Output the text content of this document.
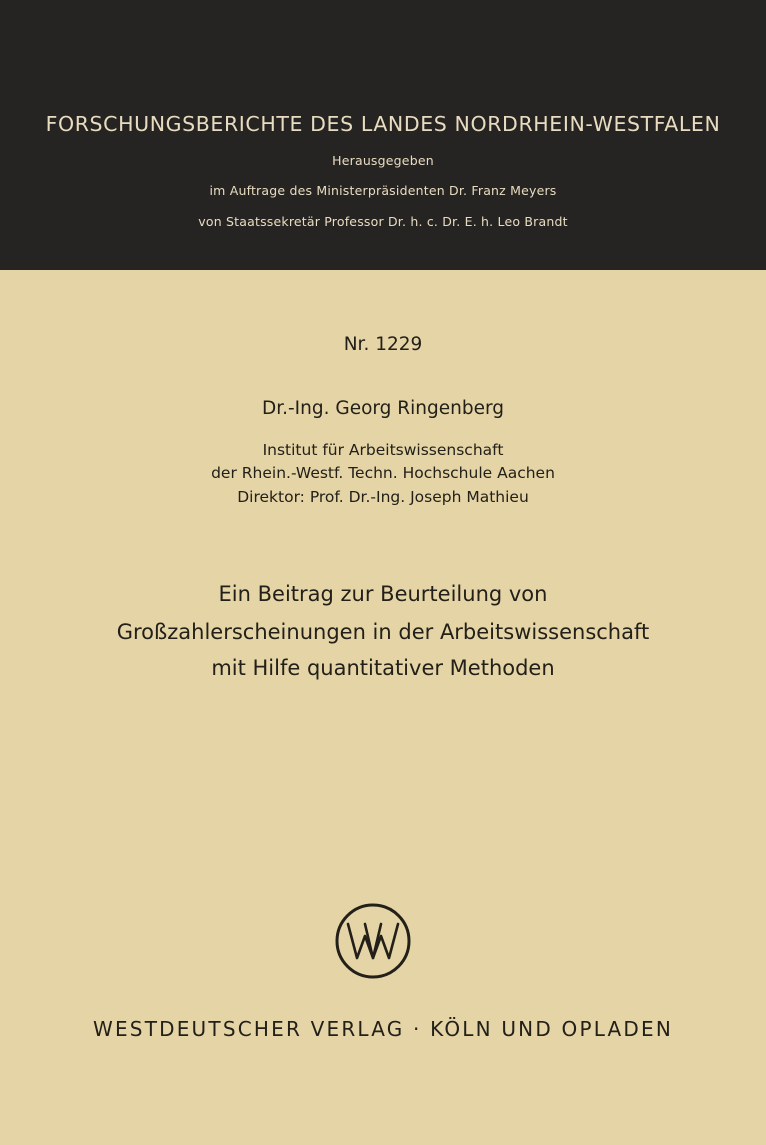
FORSCHUNGSBERICHTE DES LANDES NORDRHEIN-WESTFALEN
Herausgegeben
im Auftrage des Ministerpräsidenten Dr. Franz Meyers
von Staatssekretär Professor Dr. h. c. Dr. E. h. Leo Brandt
Nr. 1229
Dr.-Ing. Georg Ringenberg
Institut für Arbeitswissenschaft
der Rhein.-Westf. Techn. Hochschule Aachen
Direktor: Prof. Dr.-Ing. Joseph Mathieu
Ein Beitrag zur Beurteilung von
Großzahlerscheinungen in der Arbeitswissenschaft
mit Hilfe quantitativer Methoden
WESTDEUTSCHER VERLAG · KÖLN UND OPLADEN
